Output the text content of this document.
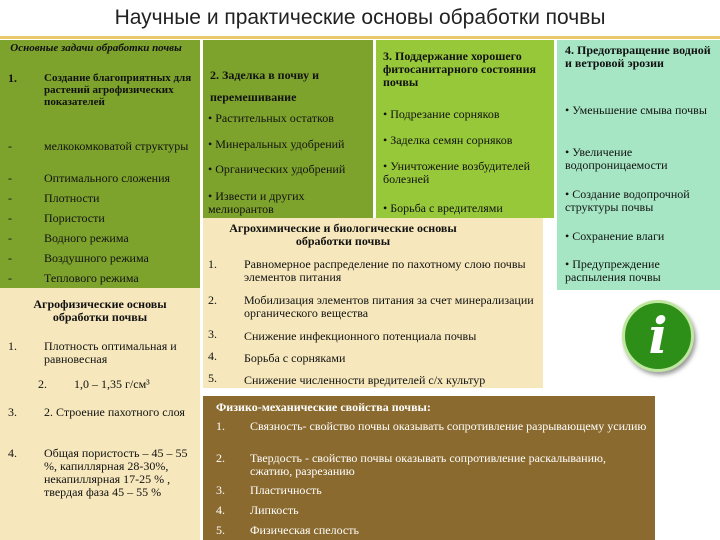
Научные и практические основы обработки почвы
Основные задачи обработки почвы
1. Создание благоприятных для растений агрофизических показателей
-	мелкокомковатой структуры
-	Оптимального сложения
-	Плотности
-	Пористости
-	Водного режима
-	Воздушного режима
-	Теплового режима
Агрофизические основы обработки почвы
1. Плотность оптимальная и равновесная
2. 1,0 – 1,35 г/см³
3. 2. Строение пахотного слоя
4. Общая пористость – 45 – 55 %, капиллярная 28-30%, некапиллярная 17-25 % , твердая фаза 45 – 55 %
2. Заделка в почву и перемешивание
• Растительных остатков
• Минеральных удобрений
• Органических удобрений
• Извести и других мелиорантов
3. Поддержание хорошего фитосанитарного состояния почвы
• Подрезание сорняков
• Заделка семян сорняков
• Уничтожение возбудителей болезней
• Борьба с вредителями
4. Предотвращение водной и ветровой эрозии
• Уменьшение смыва почвы
• Увеличение водопроницаемости
• Создание водопрочной структуры почвы
• Сохранение влаги
• Предупреждение распыления почвы
Агрохимические и биологические основы обработки почвы
1. Равномерное распределение по пахотному слою почвы элементов питания
2. Мобилизация элементов питания за счет минерализации органического вещества
3. Снижение инфекционного потенциала почвы
4. Борьба с сорняками
5. Снижение численности вредителей с/х культур
Физико-механические свойства почвы:
1. Связность- свойство почвы оказывать сопротивление разрывающему усилию
2. Твердость - свойство почвы оказывать сопротивление раскалыванию, сжатию, разрезанию
3. Пластичность
4. Липкость
5. Физическая спелость
i
